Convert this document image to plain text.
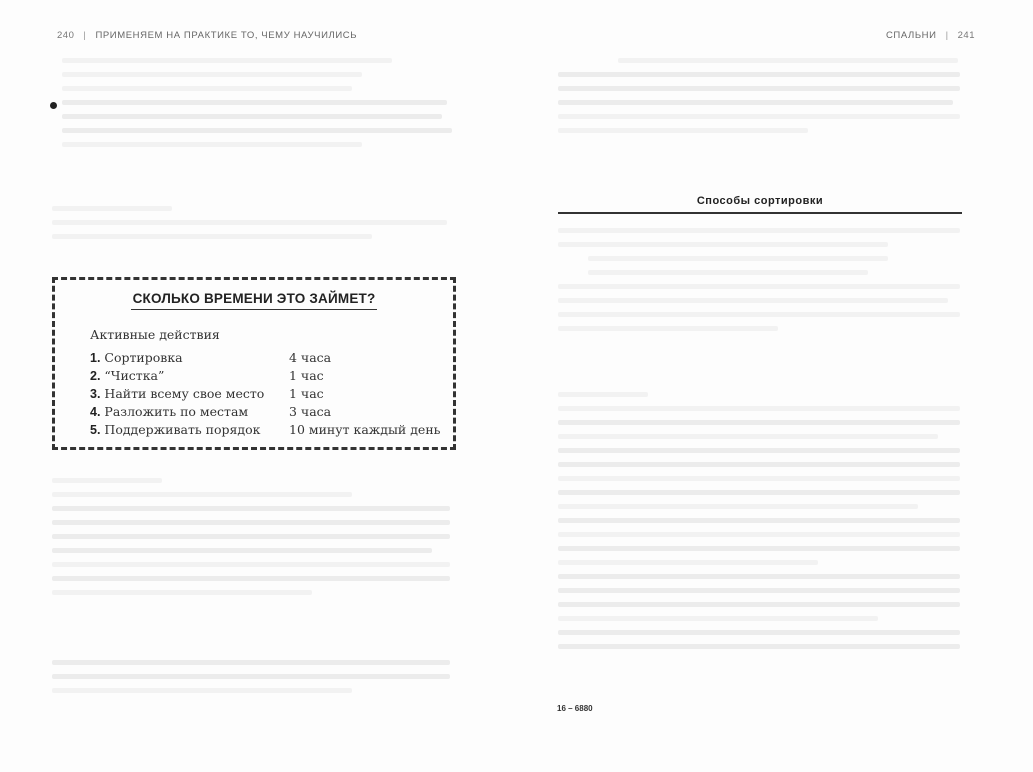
240 | ПРИМЕНЯЕМ НА ПРАКТИКЕ ТО, ЧЕМУ НАУЧИЛИСЬ
СКОЛЬКО ВРЕМЕНИ ЭТО ЗАЙМЕТ?
Активные действия
1. Сортировка	4 часа
2. “Чистка”	1 час
3. Найти всему свое место	1 час
4. Разложить по местам	3 часа
5. Поддерживать порядок	10 минут каждый день
СПАЛЬНИ | 241
Способы сортировки
16 – 6880
